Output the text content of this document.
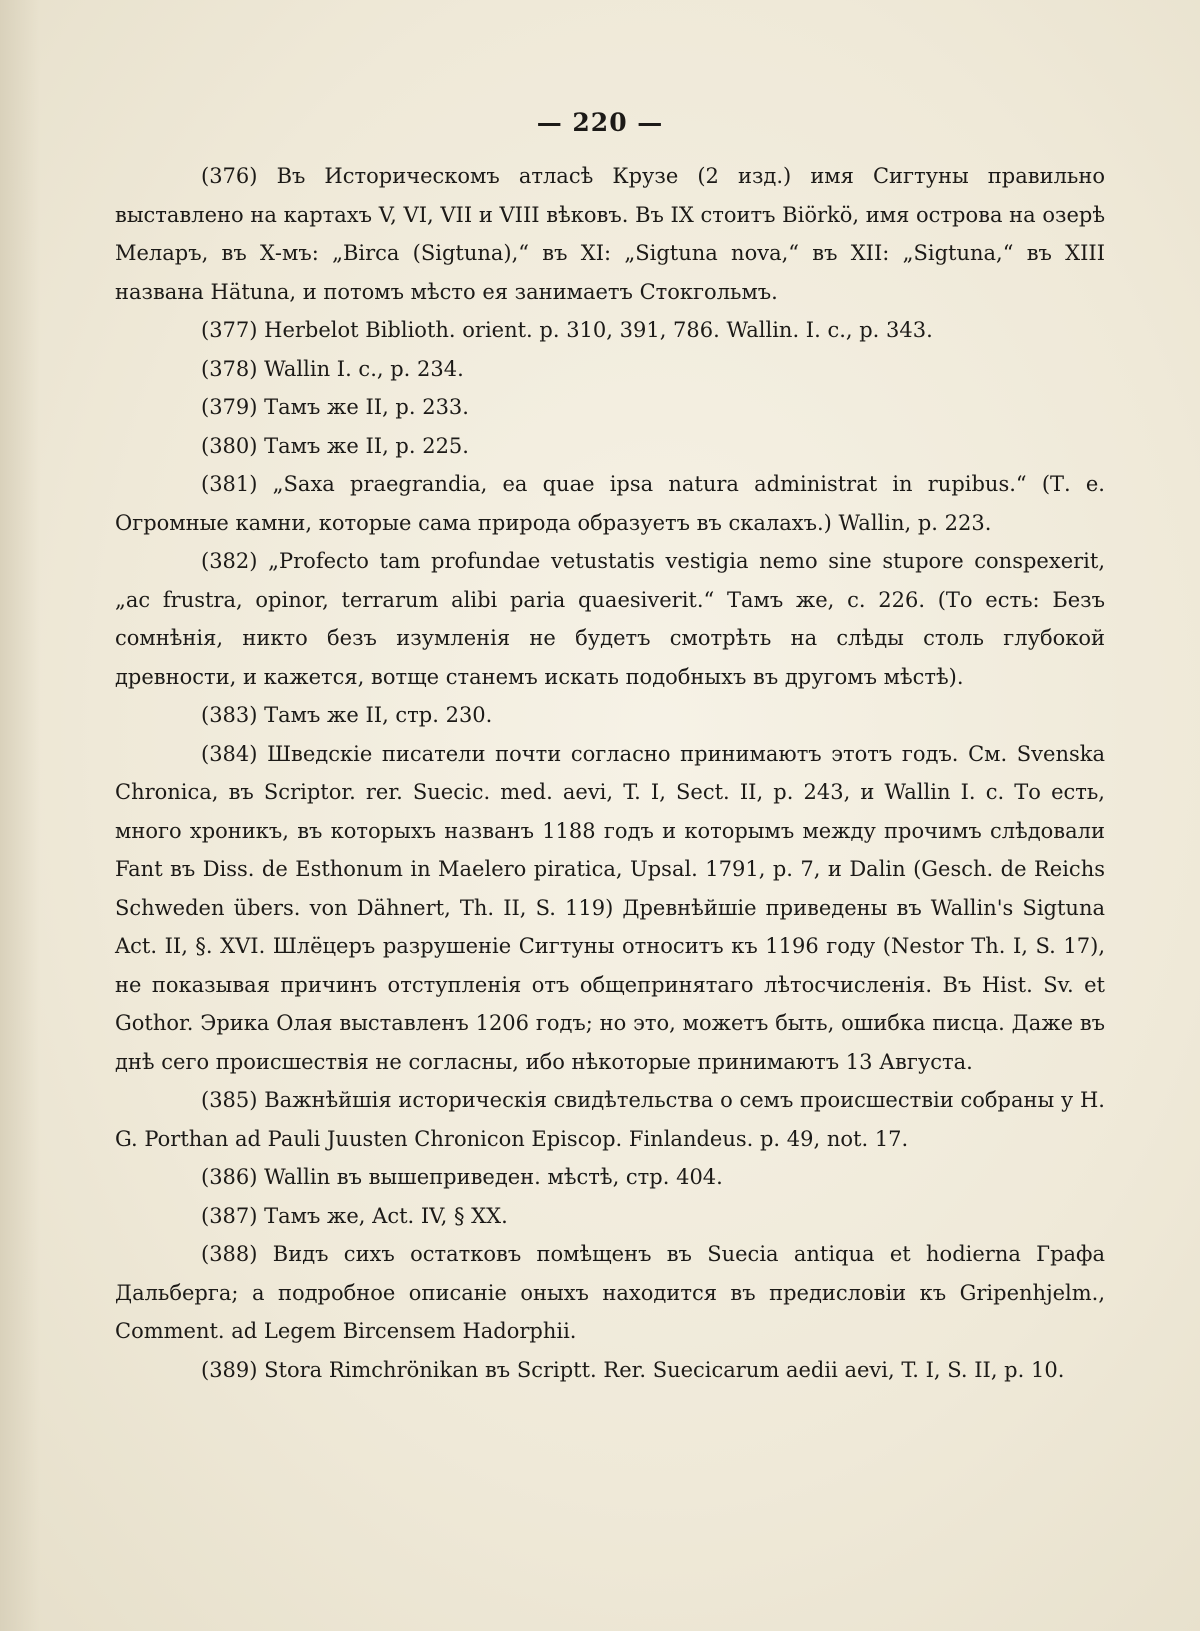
— 220 —

(376) Въ Историческомъ атласѣ Крузе (2 изд.) имя Сигтуны правильно выставлено на картахъ V, VI, VII и VIII вѣковъ. Въ IX стоитъ Biörkö, имя острова на озерѣ Меларъ, въ Х-мъ: „Birca (Sigtuna),“ въ XI: „Sigtuna nova,“ въ XII: „Sigtuna,“ въ XIII названа Hätuna, и потомъ мѣсто ея занимаетъ Стокгольмъ.

(377) Herbelot Biblioth. orient. p. 310, 391, 786. Wallin. I. c., p. 343.

(378) Wallin I. c., p. 234.

(379) Тамъ же II, p. 233.

(380) Тамъ же II, p. 225.

(381) „Saxa praegrandia, ea quae ipsa natura administrat in rupibus.“ (Т. е. Огромные камни, которые сама природа образуетъ въ скалахъ.) Wallin, p. 223.

(382) „Profecto tam profundae vetustatis vestigia nemo sine stupore conspexerit, „ac frustra, opinor, terrarum alibi paria quaesiverit.“ Тамъ же, c. 226. (То есть: Безъ сомнѣнія, никто безъ изумленія не будетъ смотрѣть на слѣды столь глубокой древности, и кажется, вотще станемъ искать подобныхъ въ другомъ мѣстѣ).

(383) Тамъ же II, стр. 230.

(384) Шведскіе писатели почти согласно принимаютъ этотъ годъ. См. Svenska Chronica, въ Scriptor. rer. Suecic. med. aevi, T. I, Sect. II, p. 243, и Wallin I. c. То есть, много хроникъ, въ которыхъ названъ 1188 годъ и которымъ между прочимъ слѣдовали Fant въ Diss. de Esthonum in Maelero piratica, Upsal. 1791, p. 7, и Dalin (Gesch. de Reichs Schweden übers. von Dähnert, Th. II, S. 119) Древнѣйшіе приведены въ Wallin's Sigtuna Act. II, §. XVI. Шлёцеръ разрушеніе Сигтуны относитъ къ 1196 году (Nestor Th. I, S. 17), не показывая причинъ отступленія отъ общепринятаго лѣтосчисленія. Въ Hist. Sv. et Gothor. Эрика Олая выставленъ 1206 годъ; но это, можетъ быть, ошибка писца. Даже въ днѣ сего происшествія не согласны, ибо нѣкоторые принимаютъ 13 Августа.

(385) Важнѣйшія историческія свидѣтельства о семъ происшествіи собраны у H. G. Porthan ad Pauli Juusten Chronicon Episcop. Finlandeus. p. 49, not. 17.

(386) Wallin въ вышеприведен. мѣстѣ, стр. 404.

(387) Тамъ же, Act. IV, § XX.

(388) Видъ сихъ остатковъ помѣщенъ въ Suecia antiqua et hodierna Графа Дальберга; а подробное описаніе оныхъ находится въ предисловіи къ Gripenhjelm., Comment. ad Legem Bircensem Hadorphii.

(389) Stora Rimchrönikan въ Scriptt. Rer. Suecicarum aedii aevi, T. I, S. II, p. 10.
